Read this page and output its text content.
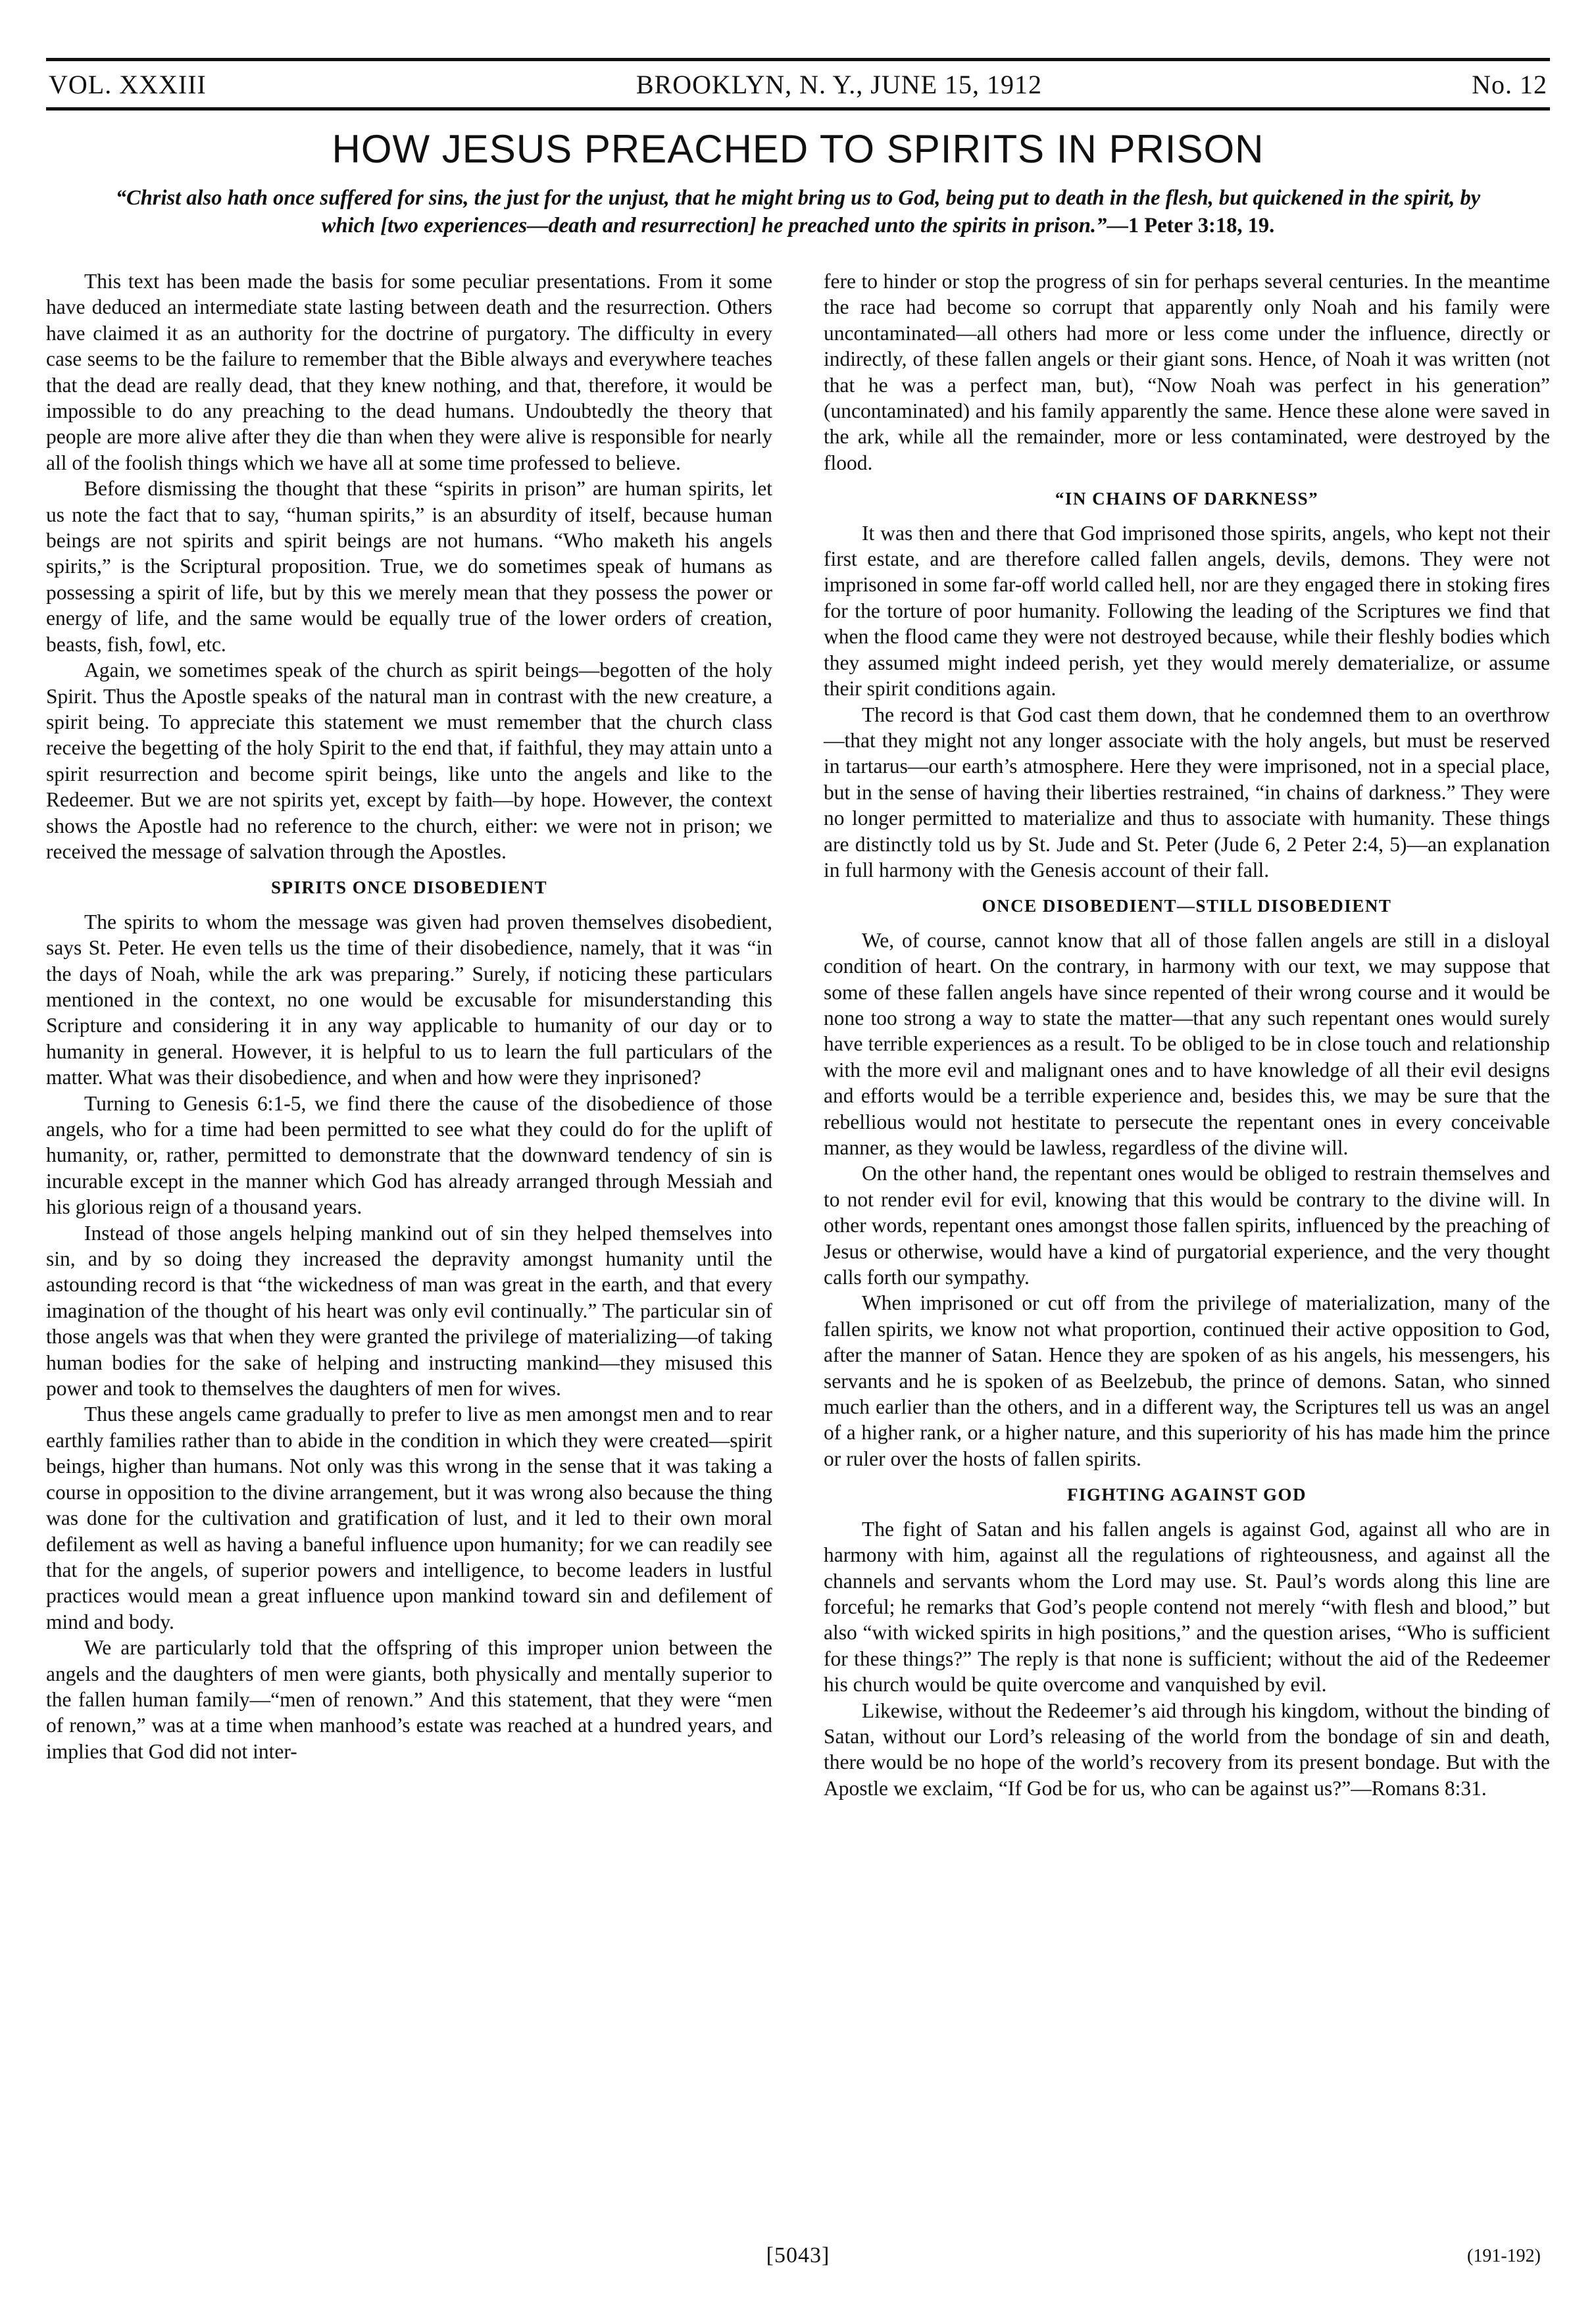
VOL. XXXIII	BROOKLYN, N. Y., JUNE 15, 1912	No. 12
HOW JESUS PREACHED TO SPIRITS IN PRISON
“Christ also hath once suffered for sins, the just for the unjust, that he might bring us to God, being put to death in the flesh, but quickened in the spirit, by which [two experiences—death and resurrection] he preached unto the spirits in prison.”—1 Peter 3:18, 19.

This text has been made the basis for some peculiar presentations. From it some have deduced an intermediate state lasting between death and the resurrection. Others have claimed it as an authority for the doctrine of purgatory. The difficulty in every case seems to be the failure to remember that the Bible always and everywhere teaches that the dead are really dead, that they knew nothing, and that, therefore, it would be impossible to do any preaching to the dead humans. Undoubtedly the theory that people are more alive after they die than when they were alive is responsible for nearly all of the foolish things which we have all at some time professed to believe.

Before dismissing the thought that these “spirits in prison” are human spirits, let us note the fact that to say, “human spirits,” is an absurdity of itself, because human beings are not spirits and spirit beings are not humans. “Who maketh his angels spirits,” is the Scriptural proposition. True, we do sometimes speak of humans as possessing a spirit of life, but by this we merely mean that they possess the power or energy of life, and the same would be equally true of the lower orders of creation, beasts, fish, fowl, etc.

Again, we sometimes speak of the church as spirit beings—begotten of the holy Spirit. Thus the Apostle speaks of the natural man in contrast with the new creature, a spirit being. To appreciate this statement we must remember that the church class receive the begetting of the holy Spirit to the end that, if faithful, they may attain unto a spirit resurrection and become spirit beings, like unto the angels and like to the Redeemer. But we are not spirits yet, except by faith—by hope. However, the context shows the Apostle had no reference to the church, either: we were not in prison; we received the message of salvation through the Apostles.

SPIRITS ONCE DISOBEDIENT

The spirits to whom the message was given had proven themselves disobedient, says St. Peter. He even tells us the time of their disobedience, namely, that it was “in the days of Noah, while the ark was preparing.” Surely, if noticing these particulars mentioned in the context, no one would be excusable for misunderstanding this Scripture and considering it in any way applicable to humanity of our day or to humanity in general. However, it is helpful to us to learn the full particulars of the matter. What was their disobedience, and when and how were they inprisoned?

Turning to Genesis 6:1-5, we find there the cause of the disobedience of those angels, who for a time had been permitted to see what they could do for the uplift of humanity, or, rather, permitted to demonstrate that the downward tendency of sin is incurable except in the manner which God has already arranged through Messiah and his glorious reign of a thousand years.

Instead of those angels helping mankind out of sin they helped themselves into sin, and by so doing they increased the depravity amongst humanity until the astounding record is that “the wickedness of man was great in the earth, and that every imagination of the thought of his heart was only evil continually.” The particular sin of those angels was that when they were granted the privilege of materializing—of taking human bodies for the sake of helping and instructing mankind—they misused this power and took to themselves the daughters of men for wives.

Thus these angels came gradually to prefer to live as men amongst men and to rear earthly families rather than to abide in the condition in which they were created—spirit beings, higher than humans. Not only was this wrong in the sense that it was taking a course in opposition to the divine arrangement, but it was wrong also because the thing was done for the cultivation and gratification of lust, and it led to their own moral defilement as well as having a baneful influence upon humanity; for we can readily see that for the angels, of superior powers and intelligence, to become leaders in lustful practices would mean a great influence upon mankind toward sin and defilement of mind and body.

We are particularly told that the offspring of this improper union between the angels and the daughters of men were giants, both physically and mentally superior to the fallen human family—“men of renown.” And this statement, that they were “men of renown,” was at a time when manhood’s estate was reached at a hundred years, and implies that God did not inter-

fere to hinder or stop the progress of sin for perhaps several centuries. In the meantime the race had become so corrupt that apparently only Noah and his family were uncontaminated—all others had more or less come under the influence, directly or indirectly, of these fallen angels or their giant sons. Hence, of Noah it was written (not that he was a perfect man, but), “Now Noah was perfect in his generation” (uncontaminated) and his family apparently the same. Hence these alone were saved in the ark, while all the remainder, more or less contaminated, were destroyed by the flood.

“IN CHAINS OF DARKNESS”

It was then and there that God imprisoned those spirits, angels, who kept not their first estate, and are therefore called fallen angels, devils, demons. They were not imprisoned in some far-off world called hell, nor are they engaged there in stoking fires for the torture of poor humanity. Following the leading of the Scriptures we find that when the flood came they were not destroyed because, while their fleshly bodies which they assumed might indeed perish, yet they would merely dematerialize, or assume their spirit conditions again.

The record is that God cast them down, that he condemned them to an overthrow—that they might not any longer associate with the holy angels, but must be reserved in tartarus—our earth’s atmosphere. Here they were imprisoned, not in a special place, but in the sense of having their liberties restrained, “in chains of darkness.” They were no longer permitted to materialize and thus to associate with humanity. These things are distinctly told us by St. Jude and St. Peter (Jude 6, 2 Peter 2:4, 5)—an explanation in full harmony with the Genesis account of their fall.

ONCE DISOBEDIENT—STILL DISOBEDIENT

We, of course, cannot know that all of those fallen angels are still in a disloyal condition of heart. On the contrary, in harmony with our text, we may suppose that some of these fallen angels have since repented of their wrong course and it would be none too strong a way to state the matter—that any such repentant ones would surely have terrible experiences as a result. To be obliged to be in close touch and relationship with the more evil and malignant ones and to have knowledge of all their evil designs and efforts would be a terrible experience and, besides this, we may be sure that the rebellious would not hestitate to persecute the repentant ones in every conceivable manner, as they would be lawless, regardless of the divine will.

On the other hand, the repentant ones would be obliged to restrain themselves and to not render evil for evil, knowing that this would be contrary to the divine will. In other words, repentant ones amongst those fallen spirits, influenced by the preaching of Jesus or otherwise, would have a kind of purgatorial experience, and the very thought calls forth our sympathy.

When imprisoned or cut off from the privilege of materialization, many of the fallen spirits, we know not what proportion, continued their active opposition to God, after the manner of Satan. Hence they are spoken of as his angels, his messengers, his servants and he is spoken of as Beelzebub, the prince of demons. Satan, who sinned much earlier than the others, and in a different way, the Scriptures tell us was an angel of a higher rank, or a higher nature, and this superiority of his has made him the prince or ruler over the hosts of fallen spirits.

FIGHTING AGAINST GOD

The fight of Satan and his fallen angels is against God, against all who are in harmony with him, against all the regulations of righteousness, and against all the channels and servants whom the Lord may use. St. Paul’s words along this line are forceful; he remarks that God’s people contend not merely “with flesh and blood,” but also “with wicked spirits in high positions,” and the question arises, “Who is sufficient for these things?” The reply is that none is sufficient; without the aid of the Redeemer his church would be quite overcome and vanquished by evil.

Likewise, without the Redeemer’s aid through his kingdom, without the binding of Satan, without our Lord’s releasing of the world from the bondage of sin and death, there would be no hope of the world’s recovery from its present bondage. But with the Apostle we exclaim, “If God be for us, who can be against us?”—Romans 8:31.

[5043]	(191-192)
